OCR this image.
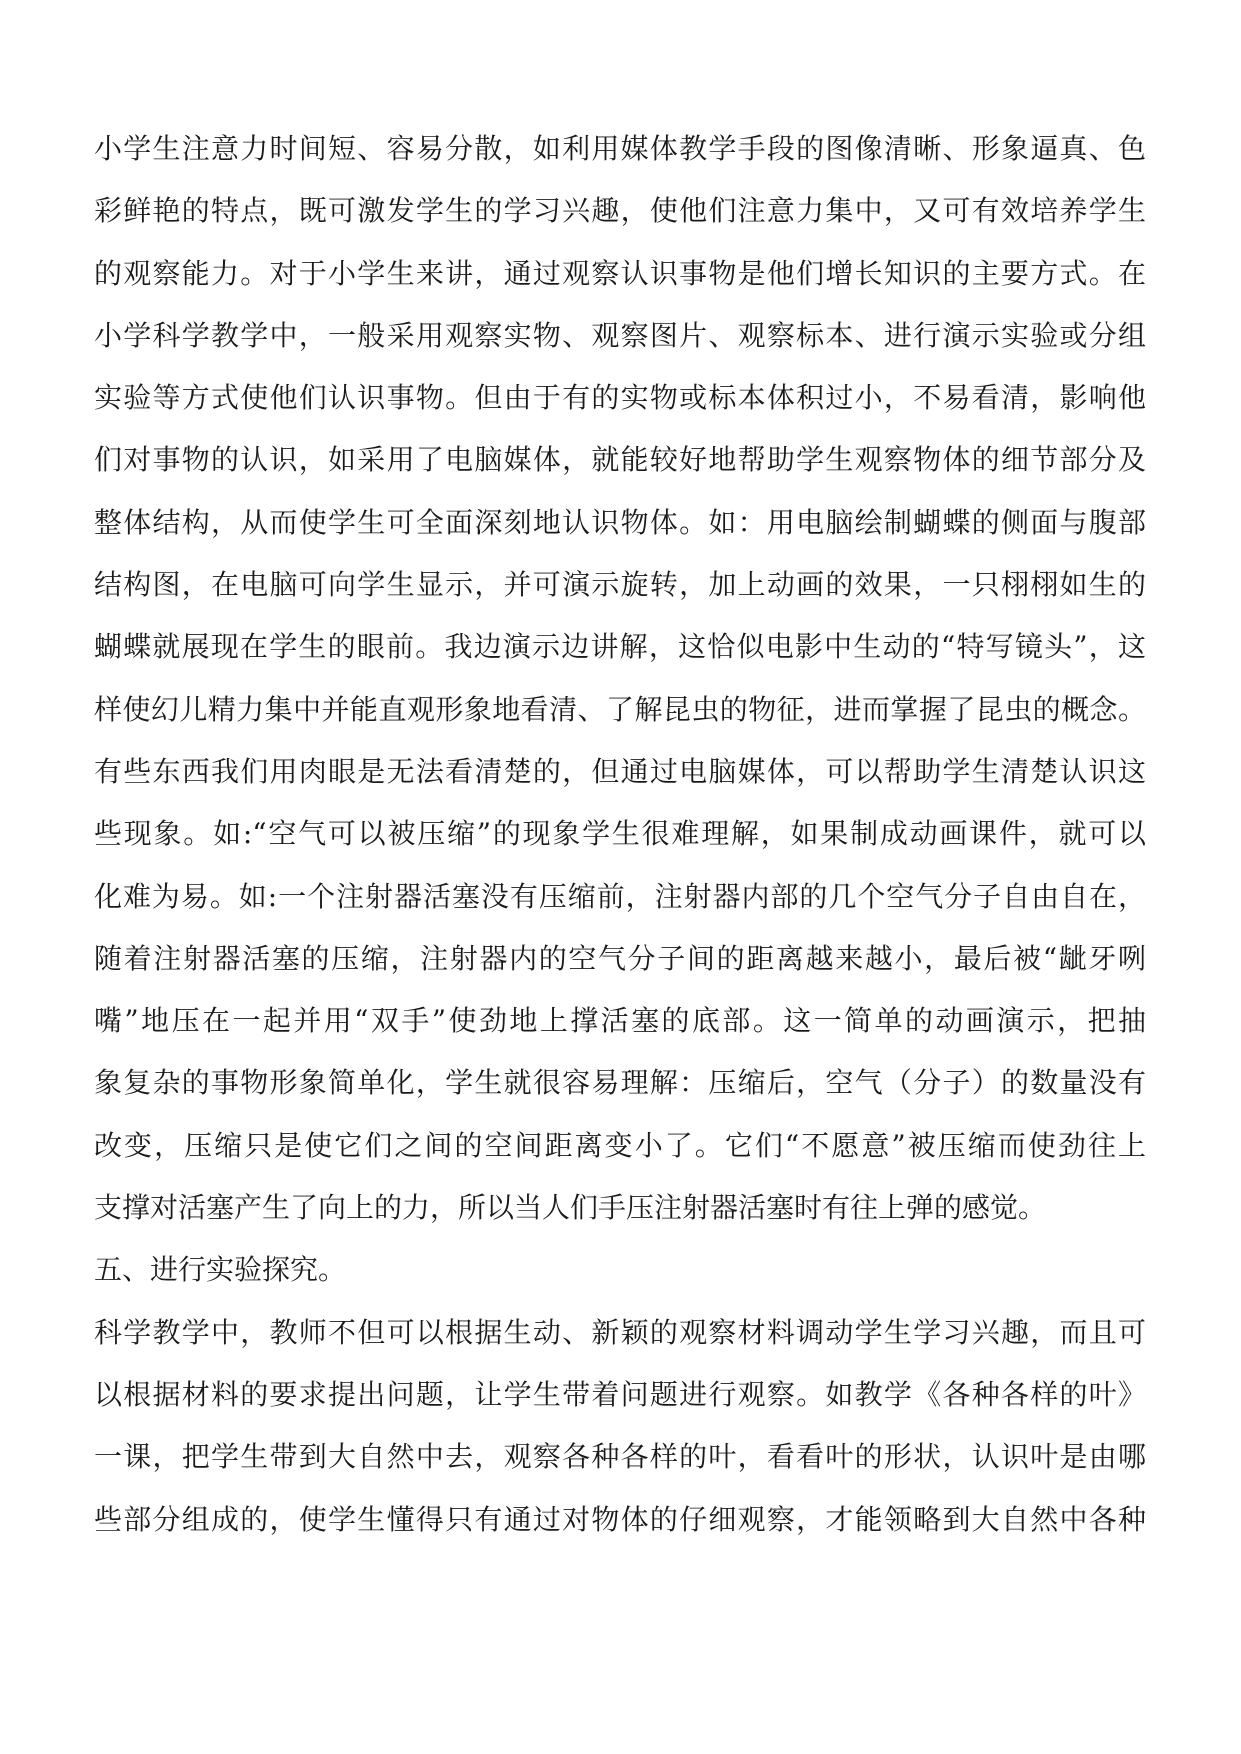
小学生注意力时间短、容易分散，如利用媒体教学手段的图像清晰、形象逼真、色
彩鲜艳的特点，既可激发学生的学习兴趣，使他们注意力集中，又可有效培养学生
的观察能力。对于小学生来讲，通过观察认识事物是他们增长知识的主要方式。在
小学科学教学中，一般采用观察实物、观察图片、观察标本、进行演示实验或分组
实验等方式使他们认识事物。但由于有的实物或标本体积过小，不易看清，影响他
们对事物的认识，如采用了电脑媒体，就能较好地帮助学生观察物体的细节部分及
整体结构，从而使学生可全面深刻地认识物体。如：用电脑绘制蝴蝶的侧面与腹部
结构图，在电脑可向学生显示，并可演示旋转，加上动画的效果，一只栩栩如生的
蝴蝶就展现在学生的眼前。我边演示边讲解，这恰似电影中生动的“特写镜头”，这
样使幻儿精力集中并能直观形象地看清、了解昆虫的物征，进而掌握了昆虫的概念。
有些东西我们用肉眼是无法看清楚的，但通过电脑媒体，可以帮助学生清楚认识这
些现象。如:“空气可以被压缩”的现象学生很难理解，如果制成动画课件，就可以
化难为易。如:一个注射器活塞没有压缩前，注射器内部的几个空气分子自由自在，
随着注射器活塞的压缩，注射器内的空气分子间的距离越来越小，最后被“龇牙咧
嘴”地压在一起并用“双手”使劲地上撑活塞的底部。这一简单的动画演示，把抽
象复杂的事物形象简单化，学生就很容易理解：压缩后，空气（分子）的数量没有
改变，压缩只是使它们之间的空间距离变小了。它们“不愿意”被压缩而使劲往上
支撑对活塞产生了向上的力，所以当人们手压注射器活塞时有往上弹的感觉。
五、进行实验探究。
科学教学中，教师不但可以根据生动、新颖的观察材料调动学生学习兴趣，而且可
以根据材料的要求提出问题，让学生带着问题进行观察。如教学《各种各样的叶》
一课，把学生带到大自然中去，观察各种各样的叶，看看叶的形状，认识叶是由哪
些部分组成的，使学生懂得只有通过对物体的仔细观察，才能领略到大自然中各种
